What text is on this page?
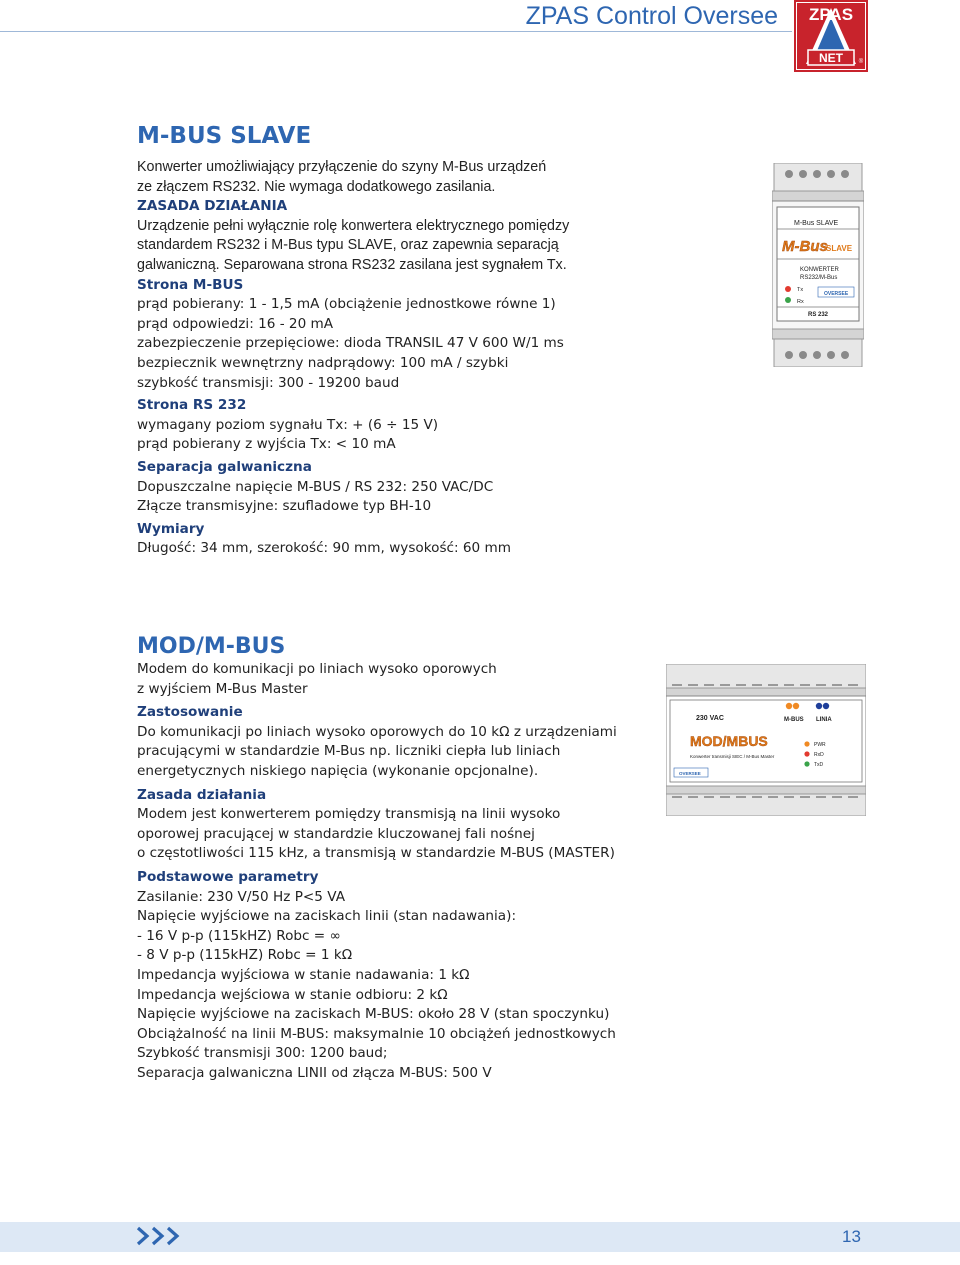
ZPAS Control Oversee ZPAS
NET	®
M-BUS SLAVE
Konwerter umożliwiający przyłączenie do szyny M-Bus urządzeń
ze złączem RS232. Nie wymaga dodatkowego zasilania.
ZASADA DZIAŁANIA
Urządzenie pełni wyłącznie rolę konwertera elektrycznego pomiędzy
standardem RS232 i M-Bus typu SLAVE, oraz zapewnia separacją
galwaniczną. Separowana strona RS232 zasilana jest sygnałem Tx.
Strona M-BUS
prąd pobierany: 1 - 1,5 mA (obciążenie jednostkowe równe 1)
prąd odpowiedzi: 16 - 20 mA
zabezpieczenie przepięciowe: dioda TRANSIL 47 V 600 W/1 ms
bezpiecznik wewnętrzny nadprądowy: 100 mA / szybki
szybkość transmisji: 300 - 19200 baud
Strona RS 232
wymagany poziom sygnału Tx: + (6 ÷ 15 V)
prąd pobierany z wyjścia Tx: < 10 mA
Separacja galwaniczna
Dopuszczalne napięcie M-BUS / RS 232: 250 VAC/DC
Złącze transmisyjne: szufladowe typ BH-10
Wymiary
Długość: 34 mm, szerokość: 90 mm, wysokość: 60 mm
M-Bus SLAVE
M-Bus
SLAVE
KONWERTER
RS232/M-Bus
Tx
Rx
OVERSEE
RS 232
MOD/M-BUS
Modem do komunikacji po liniach wysoko oporowych
z wyjściem M-Bus Master
Zastosowanie
Do komunikacji po liniach wysoko oporowych do 10 kΩ z urządzeniami
pracującymi w standardzie M-Bus np. liczniki ciepła lub liniach
energetycznych niskiego napięcia (wykonanie opcjonalne).
Zasada działania
Modem jest konwerterem pomiędzy transmisją na linii wysoko
oporowej pracującej w standardzie kluczowanej fali nośnej
o częstotliwości 115 kHz, a transmisją w standardzie M-BUS (MASTER)
Podstawowe parametry
Zasilanie: 230 V/50 Hz P<5 VA
Napięcie wyjściowe na zaciskach linii (stan nadawania):
- 16 V p-p (115kHZ) Robc = ∞
- 8 V p-p (115kHZ) Robc = 1 kΩ
Impedancja wyjściowa w stanie nadawania: 1 kΩ
Impedancja wejściowa w stanie odbioru: 2 kΩ
Napięcie wyjściowe na zaciskach M-BUS: około 28 V (stan spoczynku)
Obciążalność na linii M-BUS: maksymalnie 10 obciążeń jednostkowych
Szybkość transmisji 300: 1200 baud;
Separacja galwaniczna LINII od złącza M-BUS: 500 V
230 VAC	M-BUS LINIA
MOD/MBUS
Konwerter transmisji SIEC / M-Bus Master
PWR
RxD
TxD
OVERSEE
13
